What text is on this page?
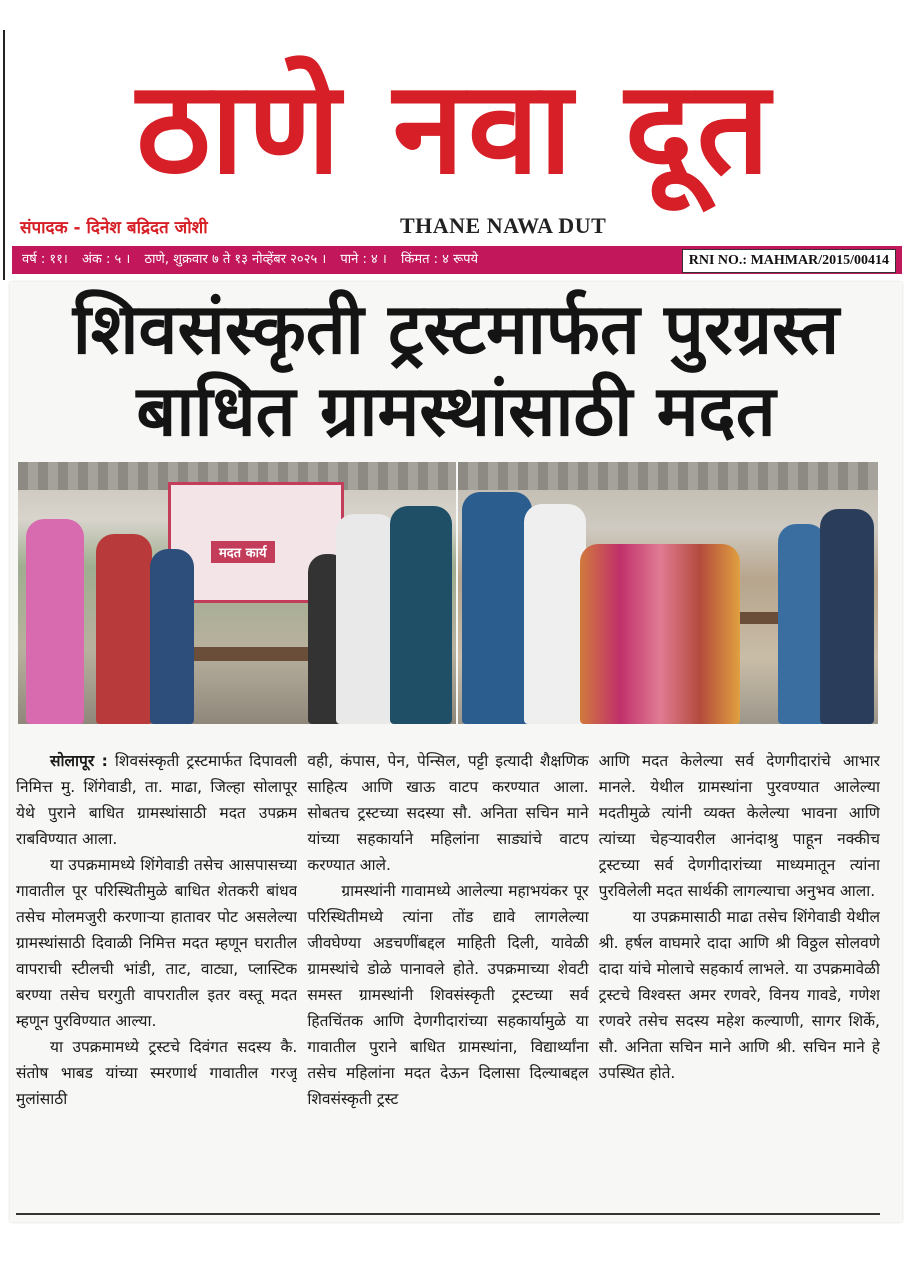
ठाणे नवा दूत
संपादक - दिनेश बद्रिदत जोशी	THANE NAWA DUT
वर्ष : ११। अंक : ५ । ठाणे, शुक्रवार ७ ते १३ नोव्हेंबर २०२५ । पाने : ४ । किंमत : ४ रूपये	RNI NO.: MAHMAR/2015/00414
शिवसंस्कृती ट्रस्टमार्फत पुरग्रस्त
बाधित ग्रामस्थांसाठी मदत
मदत कार्य

सोलापूर : शिवसंस्कृती ट्रस्टमार्फत दिपावली निमित्त मु. शिंगेवाडी, ता. माढा, जिल्हा सोलापूर येथे पुराने बाधित ग्रामस्थांसाठी मदत उपक्रम राबविण्यात आला.

या उपक्रमामध्ये शिंगेवाडी तसेच आसपासच्या गावातील पूर परिस्थितीमुळे बाधित शेतकरी बांधव तसेच मोलमजुरी करणाऱ्या हातावर पोट असलेल्या ग्रामस्थांसाठी दिवाळी निमित्त मदत म्हणून घरातील वापराची स्टीलची भांडी, ताट, वाट्या, प्लास्टिक बरण्या तसेच घरगुती वापरातील इतर वस्तू मदत म्हणून पुरविण्यात आल्या.

या उपक्रमामध्ये ट्रस्टचे दिवंगत सदस्य कै. संतोष भाबड यांच्या स्मरणार्थ गावातील गरजू मुलांसाठी

वही, कंपास, पेन, पेन्सिल, पट्टी इत्यादी शैक्षणिक साहित्य आणि खाऊ वाटप करण्यात आला. सोबतच ट्रस्टच्या सदस्या सौ. अनिता सचिन माने यांच्या सहकार्याने महिलांना साड्यांचे वाटप करण्यात आले.

ग्रामस्थांनी गावामध्ये आलेल्या महाभयंकर पूर परिस्थितीमध्ये त्यांना तोंड द्यावे लागलेल्या जीवघेण्या अडचणींबद्दल माहिती दिली, यावेळी ग्रामस्थांचे डोळे पानावले होते. उपक्रमाच्या शेवटी समस्त ग्रामस्थांनी शिवसंस्कृती ट्रस्टच्या सर्व हितचिंतक आणि देणगीदारांच्या सहकार्यामुळे या गावातील पुराने बाधित ग्रामस्थांना, विद्यार्थ्यांना तसेच महिलांना मदत देऊन दिलासा दिल्याबद्दल शिवसंस्कृती ट्रस्ट

आणि मदत केलेल्या सर्व देणगीदारांचे आभार मानले. येथील ग्रामस्थांना पुरवण्यात आलेल्या मदतीमुळे त्यांनी व्यक्त केलेल्या भावना आणि त्यांच्या चेहऱ्यावरील आनंदाश्रु पाहून नक्कीच ट्रस्टच्या सर्व देणगीदारांच्या माध्यमातून त्यांना पुरविलेली मदत सार्थकी लागल्याचा अनुभव आला.

या उपक्रमासाठी माढा तसेच शिंगेवाडी येथील श्री. हर्षल वाघमारे दादा आणि श्री विठ्ठल सोलवणे दादा यांचे मोलाचे सहकार्य लाभले. या उपक्रमावेळी ट्रस्टचे विश्वस्त अमर रणवरे, विनय गावडे, गणेश रणवरे तसेच सदस्य महेश कल्याणी, सागर शिर्के, सौ. अनिता सचिन माने आणि श्री. सचिन माने हे उपस्थित होते.
